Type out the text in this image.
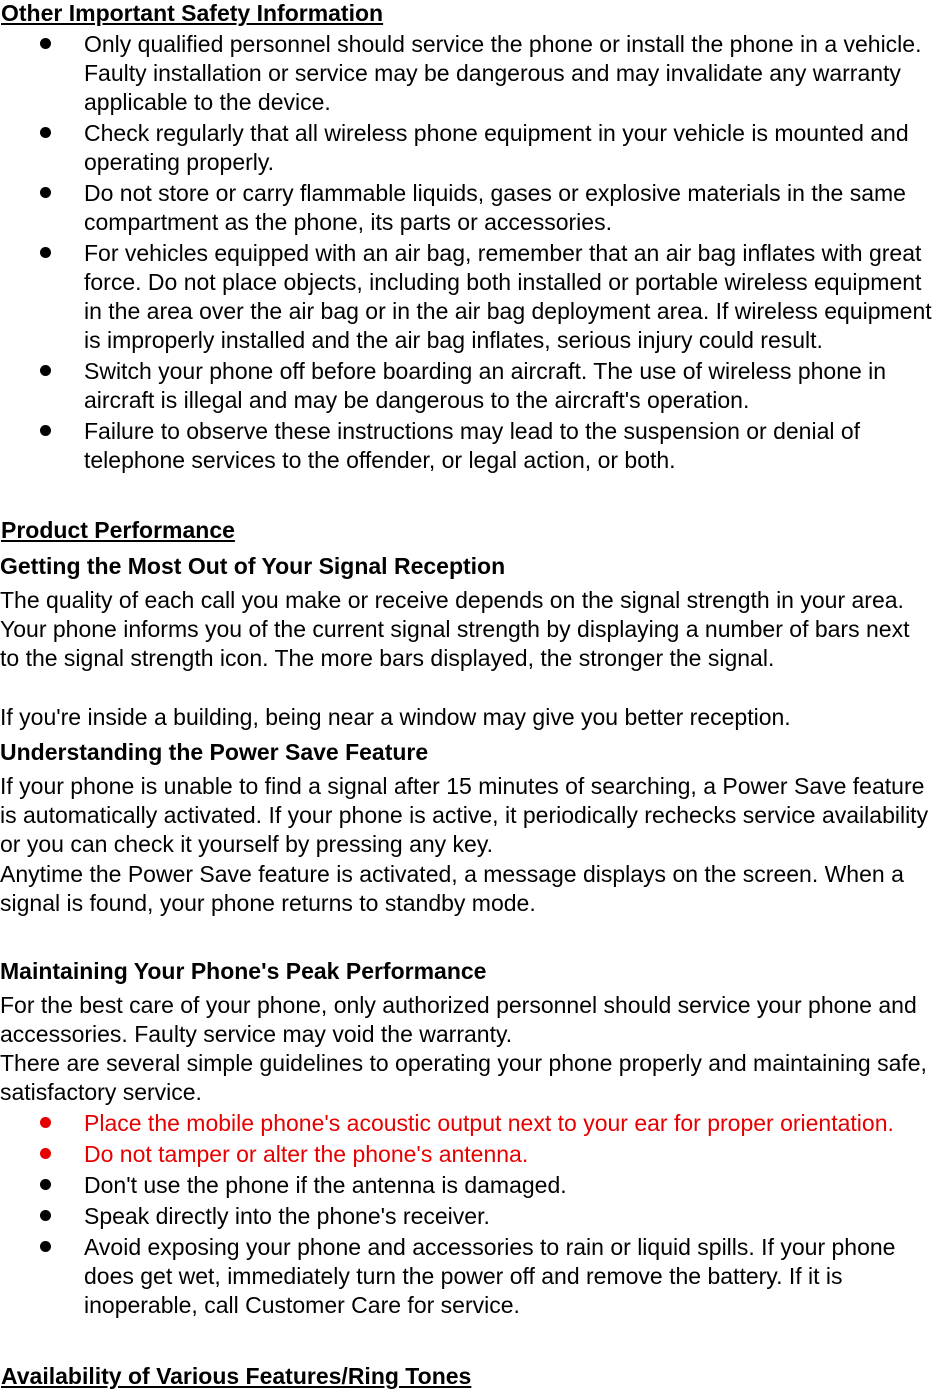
Other Important Safety Information
Only qualified personnel should service the phone or install the phone in a vehicle. Faulty installation or service may be dangerous and may invalidate any warranty applicable to the device.
Check regularly that all wireless phone equipment in your vehicle is mounted and operating properly.
Do not store or carry flammable liquids, gases or explosive materials in the same compartment as the phone, its parts or accessories.
For vehicles equipped with an air bag, remember that an air bag inflates with great force. Do not place objects, including both installed or portable wireless equipment in the area over the air bag or in the air bag deployment area. If wireless equipment is improperly installed and the air bag inflates, serious injury could result.
Switch your phone off before boarding an aircraft. The use of wireless phone in aircraft is illegal and may be dangerous to the aircraft's operation.
Failure to observe these instructions may lead to the suspension or denial of telephone services to the offender, or legal action, or both.
Product Performance
Getting the Most Out of Your Signal Reception

The quality of each call you make or receive depends on the signal strength in your area. Your phone informs you of the current signal strength by displaying a number of bars next to the signal strength icon. The more bars displayed, the stronger the signal.

If you're inside a building, being near a window may give you better reception.

Understanding the Power Save Feature

If your phone is unable to find a signal after 15 minutes of searching, a Power Save feature is automatically activated. If your phone is active, it periodically rechecks service availability or you can check it yourself by pressing any key.

Anytime the Power Save feature is activated, a message displays on the screen. When a signal is found, your phone returns to standby mode.

Maintaining Your Phone's Peak Performance

For the best care of your phone, only authorized personnel should service your phone and accessories. Faulty service may void the warranty.

There are several simple guidelines to operating your phone properly and maintaining safe, satisfactory service.

Place the mobile phone's acoustic output next to your ear for proper orientation.
Do not tamper or alter the phone's antenna.
Don't use the phone if the antenna is damaged.
Speak directly into the phone's receiver.
Avoid exposing your phone and accessories to rain or liquid spills. If your phone does get wet, immediately turn the power off and remove the battery. If it is inoperable, call Customer Care for service.
Availability of Various Features/Ring Tones
